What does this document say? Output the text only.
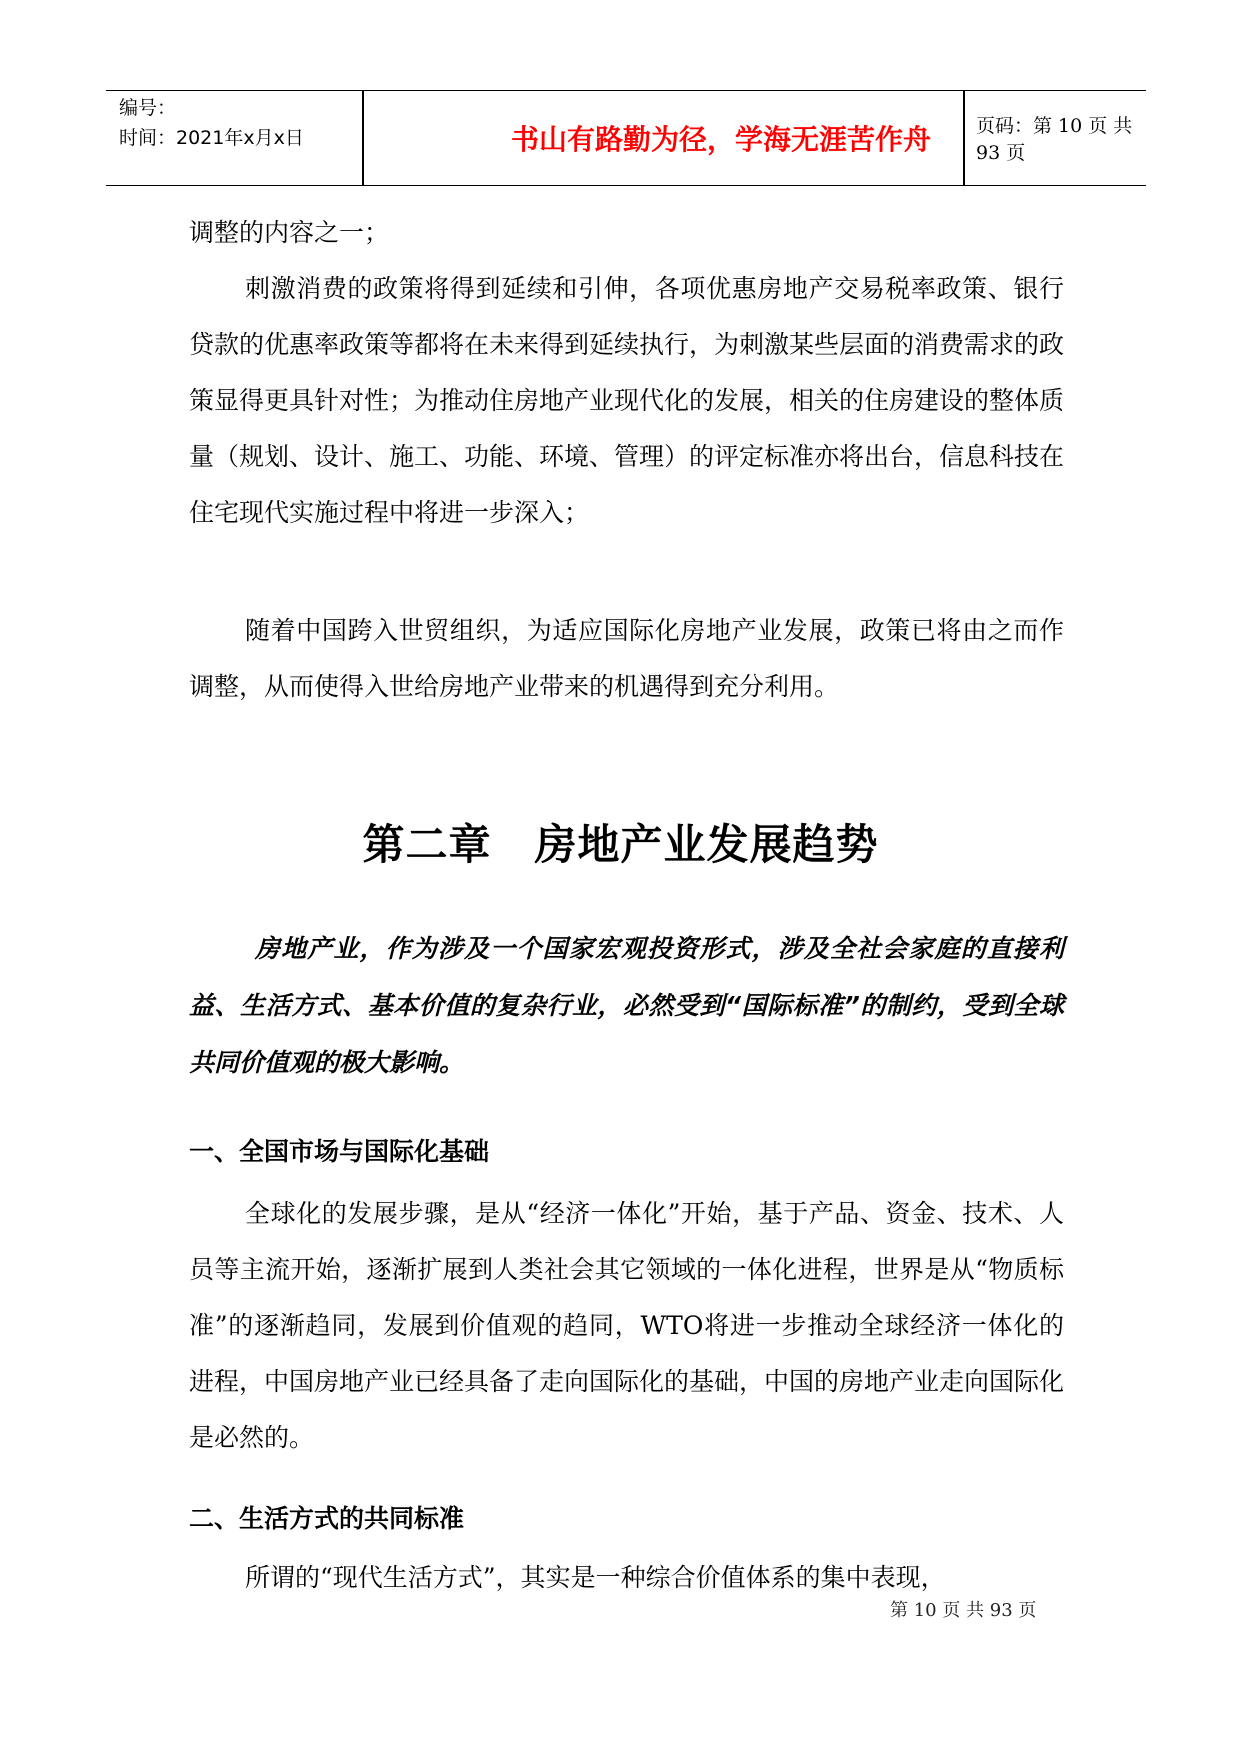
编号：
时间：2021年x月x日	书山有路勤为径，学海无涯苦作舟	页码：第 10 页 共 93 页

调整的内容之一；

刺激消费的政策将得到延续和引伸，各项优惠房地产交易税率政策、银行贷款的优惠率政策等都将在未来得到延续执行，为刺激某些层面的消费需求的政策显得更具针对性；为推动住房地产业现代化的发展，相关的住房建设的整体质量（规划、设计、施工、功能、环境、管理）的评定标准亦将出台，信息科技在住宅现代实施过程中将进一步深入；

随着中国跨入世贸组织，为适应国际化房地产业发展，政策已将由之而作调整，从而使得入世给房地产业带来的机遇得到充分利用。

第二章　房地产业发展趋势

房地产业，作为涉及一个国家宏观投资形式，涉及全社会家庭的直接利益、生活方式、基本价值的复杂行业，必然受到“国际标准”的制约，受到全球共同价值观的极大影响。

一、全国市场与国际化基础

全球化的发展步骤，是从“经济一体化”开始，基于产品、资金、技术、人员等主流开始，逐渐扩展到人类社会其它领域的一体化进程，世界是从“物质标准”的逐渐趋同，发展到价值观的趋同，WTO将进一步推动全球经济一体化的进程，中国房地产业已经具备了走向国际化的基础，中国的房地产业走向国际化是必然的。

二、生活方式的共同标准

所谓的“现代生活方式”，其实是一种综合价值体系的集中表现，

第 10 页 共 93 页
